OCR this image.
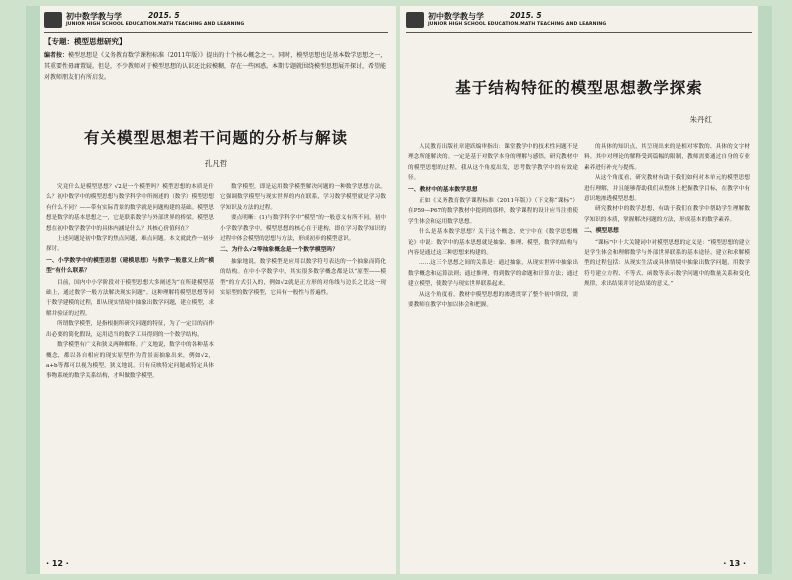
初中数学教与学	2015. 5
JUNIOR HIGH SCHOOL EDUCATION.MATH TEACHING AND LEARNING
【专题：模型思想研究】
编者按：模型思想是《义务教育数学课程标准（2011年版）》提出的十个核心概念之一。同时，模型思想也是基本数学思想之一，其重要性毋庸置疑。但是，不少教师对于模型思想的认识还比较模糊，存在一些困惑。本期专题就围绕模型思想展开探讨，希望能对教师朋友们有所启发。
有关模型思想若干问题的分析与解读
孔凡哲

究竟什么是模型思想？√2是一个模型吗？模型思想的本质是什么？初中数学中的模型思想与数学科学中所阐述的（数学）模型思想有什么不同？——带有实际背景的数学就是问题构建的基础。模型思想是数学的基本思想之一，它是联系数学与外部世界的桥梁。模型思想在初中数学教学中的具体内涵是什么？其核心价值何在？

上述问题是初中数学的焦点问题，难点问题。本文就此作一初步探讨。

一、小学数学中的模型思想（建模思想）与数学一般意义上的“模型”有什么联系？

目前，国内中小学阶段对于模型思想大多阐述为“在所建模型基础上，通过数学一般方法解决现实问题”。这种理解将模型思想等同于数学建模的过程，即从现实情境中抽象出数学问题，建立模型，求解并验证的过程。

所谓数学模型，是指根据所研究问题的特征，为了一定目的而作出必要的简化假设，运用适当的数学工具得到的一个数学结构。

数学模型有广义和狭义两种解释。广义地说，数学中的各种基本概念，都以各自相应的现实原型作为背景而抽象出来，例如√2，a+b等都可以视为模型。狭义地说，只有反映特定问题或特定具体事物系统的数学关系结构，才叫做数学模型。

数学模型，即是运用数学模型解决问题的一种数学思想方法。它强调数学模型与现实世界的内在联系，学习数学模型就是学习数学知识及方法的过程。

要点明晰：(1)与数学科学中“模型”的一般意义有所不同，初中小学数学教学中，模型思想的核心在于建构，即在学习数学知识的过程中体会模型的思想与方法，形成初步的模型意识。

二、为什么√2等抽象概念是一个数学模型吗？

抽象地说，数学模型是应用以数学符号表达的一个抽象而简化的结构。在中小学数学中，其实很多数学概念都是以“原型——模型”的方式引入的，例如√2就是正方形的对角线与边长之比这一现实原型的数学模型，它具有一般性与普遍性。

· 12 ·
初中数学教与学	2015. 5
JUNIOR HIGH SCHOOL EDUCATION.MATH TEACHING AND LEARNING
基于结构特征的模型思想教学探索
朱丹红

人民教育出版社章建跃编审指出：课堂教学中的技术性问题不是理念所能解决的。一定是基于对数学本身的理解与感悟，研究教材中的模型思想的过程，我从这个角度出发，思考数学教学中的有效途径。

一、教材中的基本数学思想

正如《义务教育数学课程标准（2011年版）》（下文称“课标”）在P59—P67的数学教材中提到的那样，数学课程的设计应当注重使学生体会和运用数学思想。

什么是基本数学思想？关于这个概念，史宁中在《数学思想概论》中说：数学中的基本思想就是抽象、推理、模型，数学的结构与内容是通过这三种思想来构建的。

……这三个思想之间的关系是：通过抽象，从现实世界中抽象出数学概念和运算法则；通过推理，得到数学的命题和计算方法；通过建立模型，使数学与现实世界联系起来。

从这个角度看，教材中模型思想的渗透贯穿了整个初中阶段，需要教师在教学中加以体会和把握。

的具体的知识点，其呈现出来的是相对零散的、具体的文字材料。其中对理论的解释受到篇幅的限制，教师需要通过自身的专业素养进行补充与提炼。

从这个角度看，研究教材有助于我们如何对本单元的模型思想进行理解，并且能够帮助我们从整体上把握教学目标，在教学中有意识地渗透模型思想。

研究教材中的数学思想，有助于我们在教学中帮助学生理解数学知识的本质，掌握解决问题的方法，形成基本的数学素养。

二、模型思想

“课标”中十大关键词中对模型思想的定义是：“模型思想的建立是学生体会和理解数学与外部世界联系的基本途径。建立和求解模型的过程包括：从现实生活或具体情境中抽象出数学问题，用数学符号建立方程、不等式、函数等表示数学问题中的数量关系和变化规律，求出结果并讨论结果的意义。”

· 13 ·
